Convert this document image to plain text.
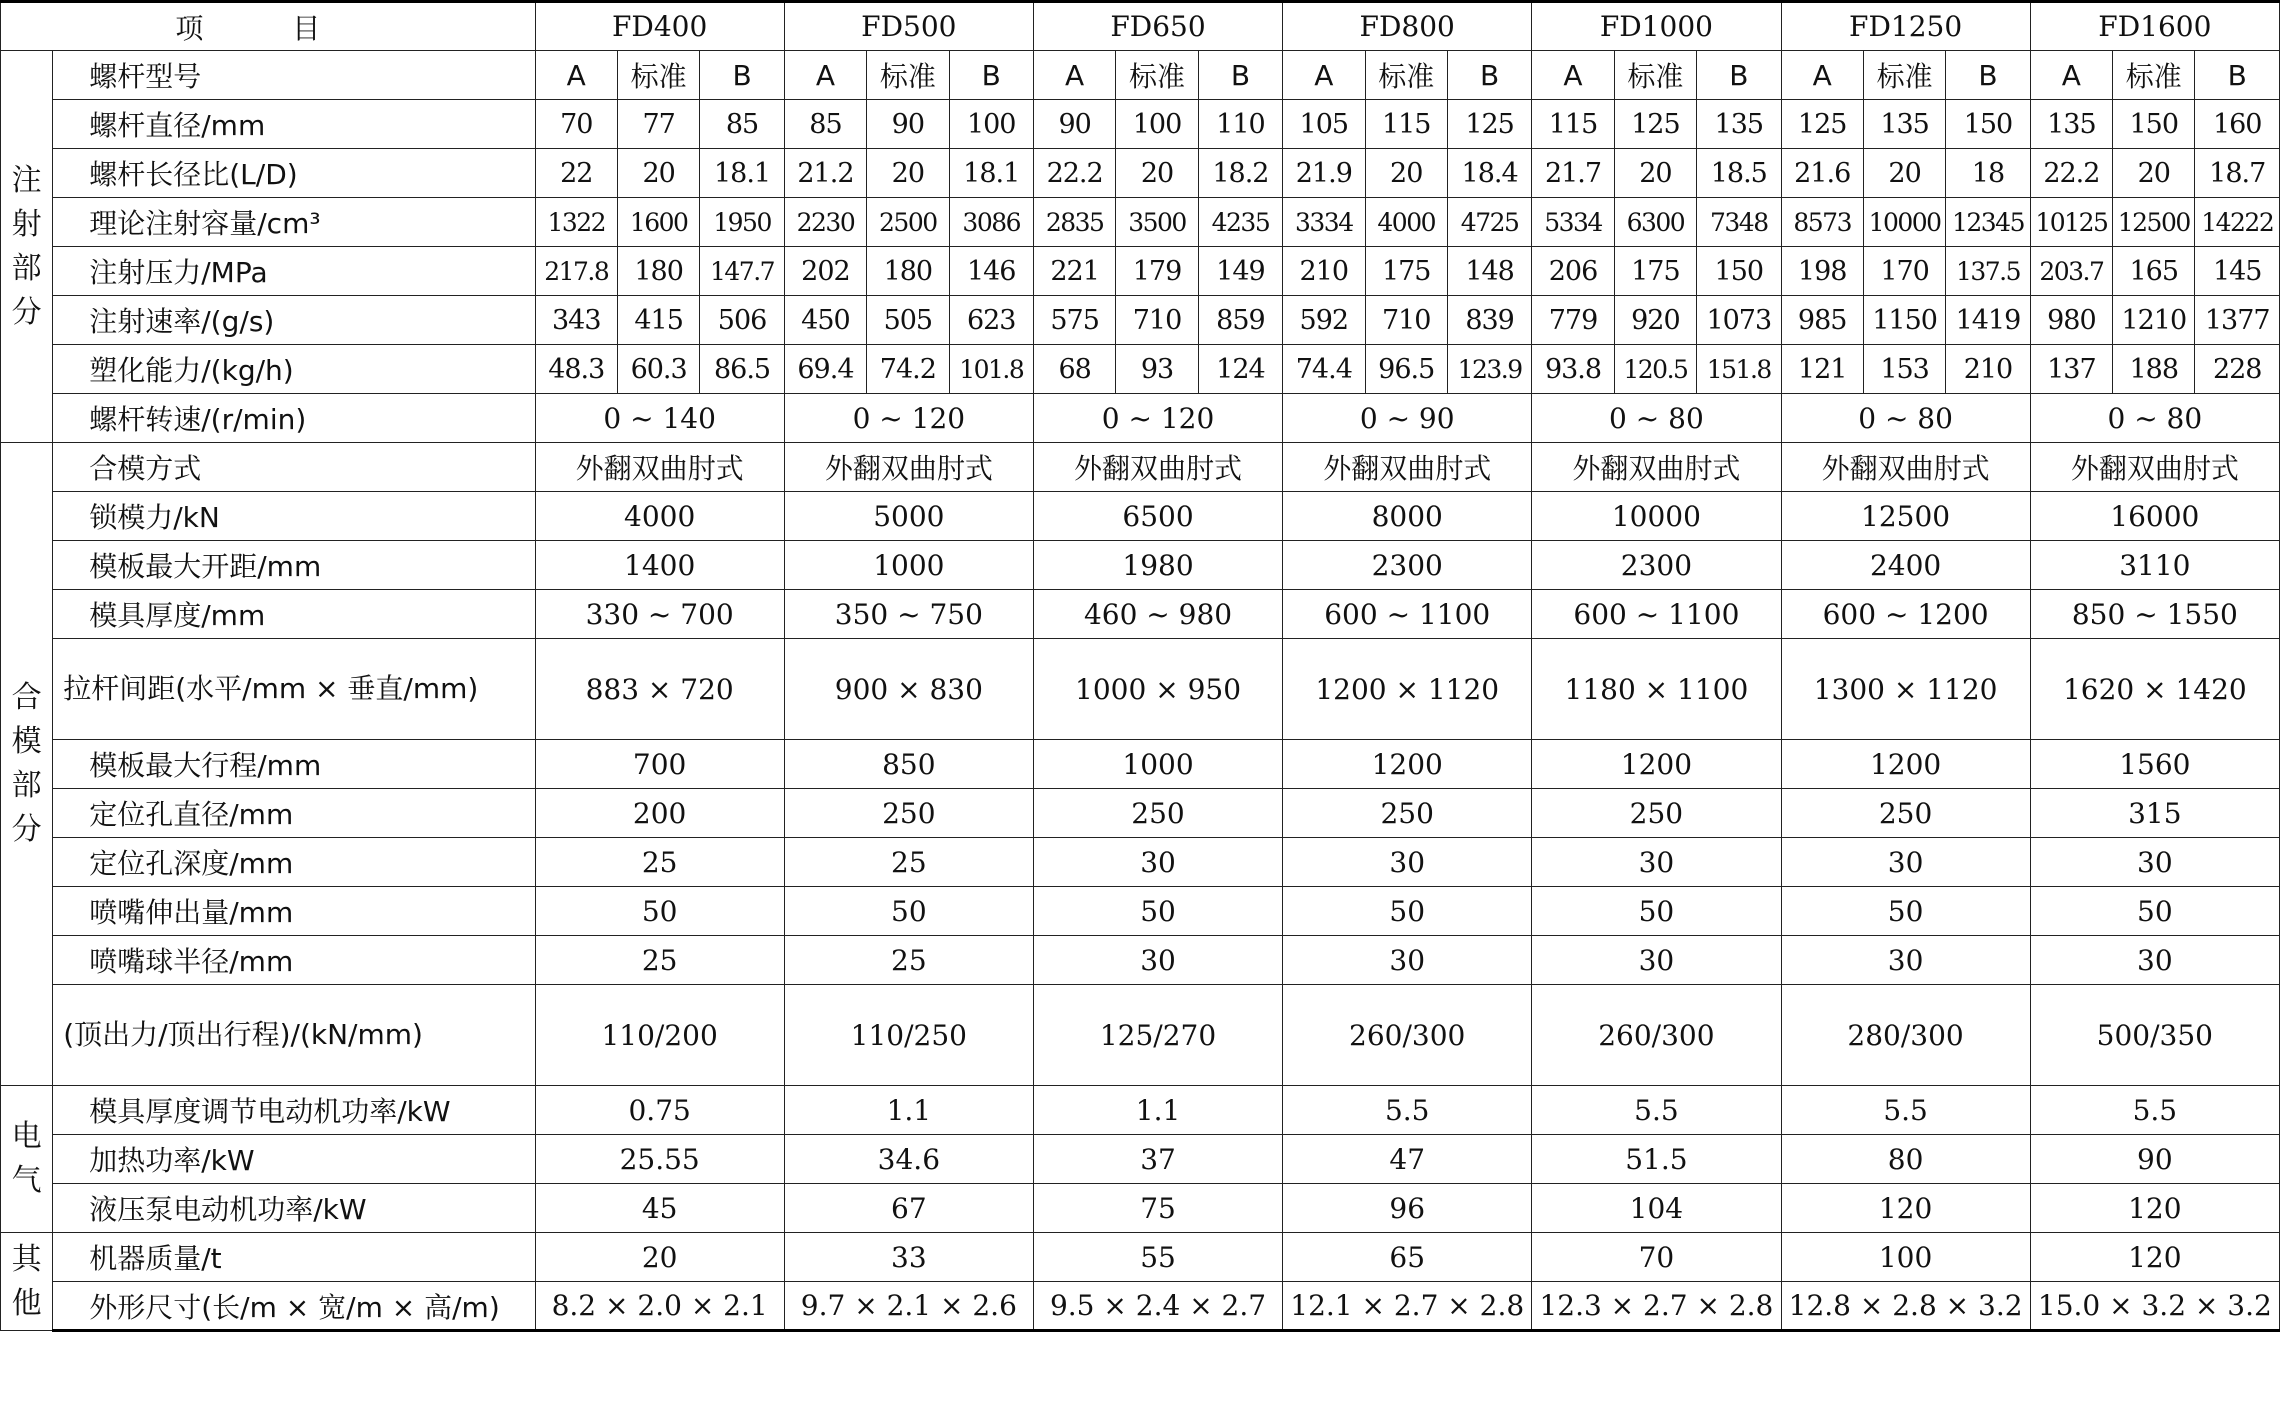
项 目		FD400			FD500			FD650			FD800			FD1000			FD1250			FD1600		
注射部分	螺杆型号	A	标准	B	A	标准	B	A	标准	B	A	标准	B	A	标准	B	A	标准	B	A	标准	B
	螺杆直径/mm	70	77	85	85	90	100	90	100	110	105	115	125	115	125	135	125	135	150	135	150	160
	螺杆长径比(L/D)	22	20	18.1	21.2	20	18.1	22.2	20	18.2	21.9	20	18.4	21.7	20	18.5	21.6	20	18	22.2	20	18.7
	理论注射容量/cm³	1322	1600	1950	2230	2500	3086	2835	3500	4235	3334	4000	4725	5334	6300	7348	8573	10000	12345	10125	12500	14222
	注射压力/MPa	217.8	180	147.7	202	180	146	221	179	149	210	175	148	206	175	150	198	170	137.5	203.7	165	145
	注射速率/(g/s)	343	415	506	450	505	623	575	710	859	592	710	839	779	920	1073	985	1150	1419	980	1210	1377
	塑化能力/(kg/h)	48.3	60.3	86.5	69.4	74.2	101.8	68	93	124	74.4	96.5	123.9	93.8	120.5	151.8	121	153	210	137	188	228
	螺杆转速/(r/min)	0 ~ 140			0 ~ 120			0 ~ 120			0 ~ 90			0 ~ 80			0 ~ 80			0 ~ 80		
合模部分	合模方式	外翻双曲肘式			外翻双曲肘式			外翻双曲肘式			外翻双曲肘式			外翻双曲肘式			外翻双曲肘式			外翻双曲肘式		
	锁模力/kN	4000			5000			6500			8000			10000			12500			16000		
	模板最大开距/mm	1400			1000			1980			2300			2300			2400			3110		
	模具厚度/mm	330 ~ 700			350 ~ 750			460 ~ 980			600 ~ 1100			600 ~ 1100			600 ~ 1200			850 ~ 1550		
	拉杆间距(水平/mm × 垂直/mm)	883 × 720			900 × 830			1000 × 950			1200 × 1120			1180 × 1100			1300 × 1120			1620 × 1420		
	模板最大行程/mm	700			850			1000			1200			1200			1200			1560		
	定位孔直径/mm	200			250			250			250			250			250			315		
	定位孔深度/mm	25			25			30			30			30			30			30		
	喷嘴伸出量/mm	50			50			50			50			50			50			50		
	喷嘴球半径/mm	25			25			30			30			30			30			30		
	(顶出力/顶出行程)/(kN/mm)	110/200			110/250			125/270			260/300			260/300			280/300			500/350		
电气	模具厚度调节电动机功率/kW	0.75			1.1			1.1			5.5			5.5			5.5			5.5		
	加热功率/kW	25.55			34.6			37			47			51.5			80			90		
	液压泵电动机功率/kW	45			67			75			96			104			120			120		
其他	机器质量/t	20			33			55			65			70			100			120		
	外形尺寸(长/m × 宽/m × 高/m)	8.2 × 2.0 × 2.1			9.7 × 2.1 × 2.6			9.5 × 2.4 × 2.7			12.1 × 2.7 × 2.8			12.3 × 2.7 × 2.8			12.8 × 2.8 × 3.2			15.0 × 3.2 × 3.2		
